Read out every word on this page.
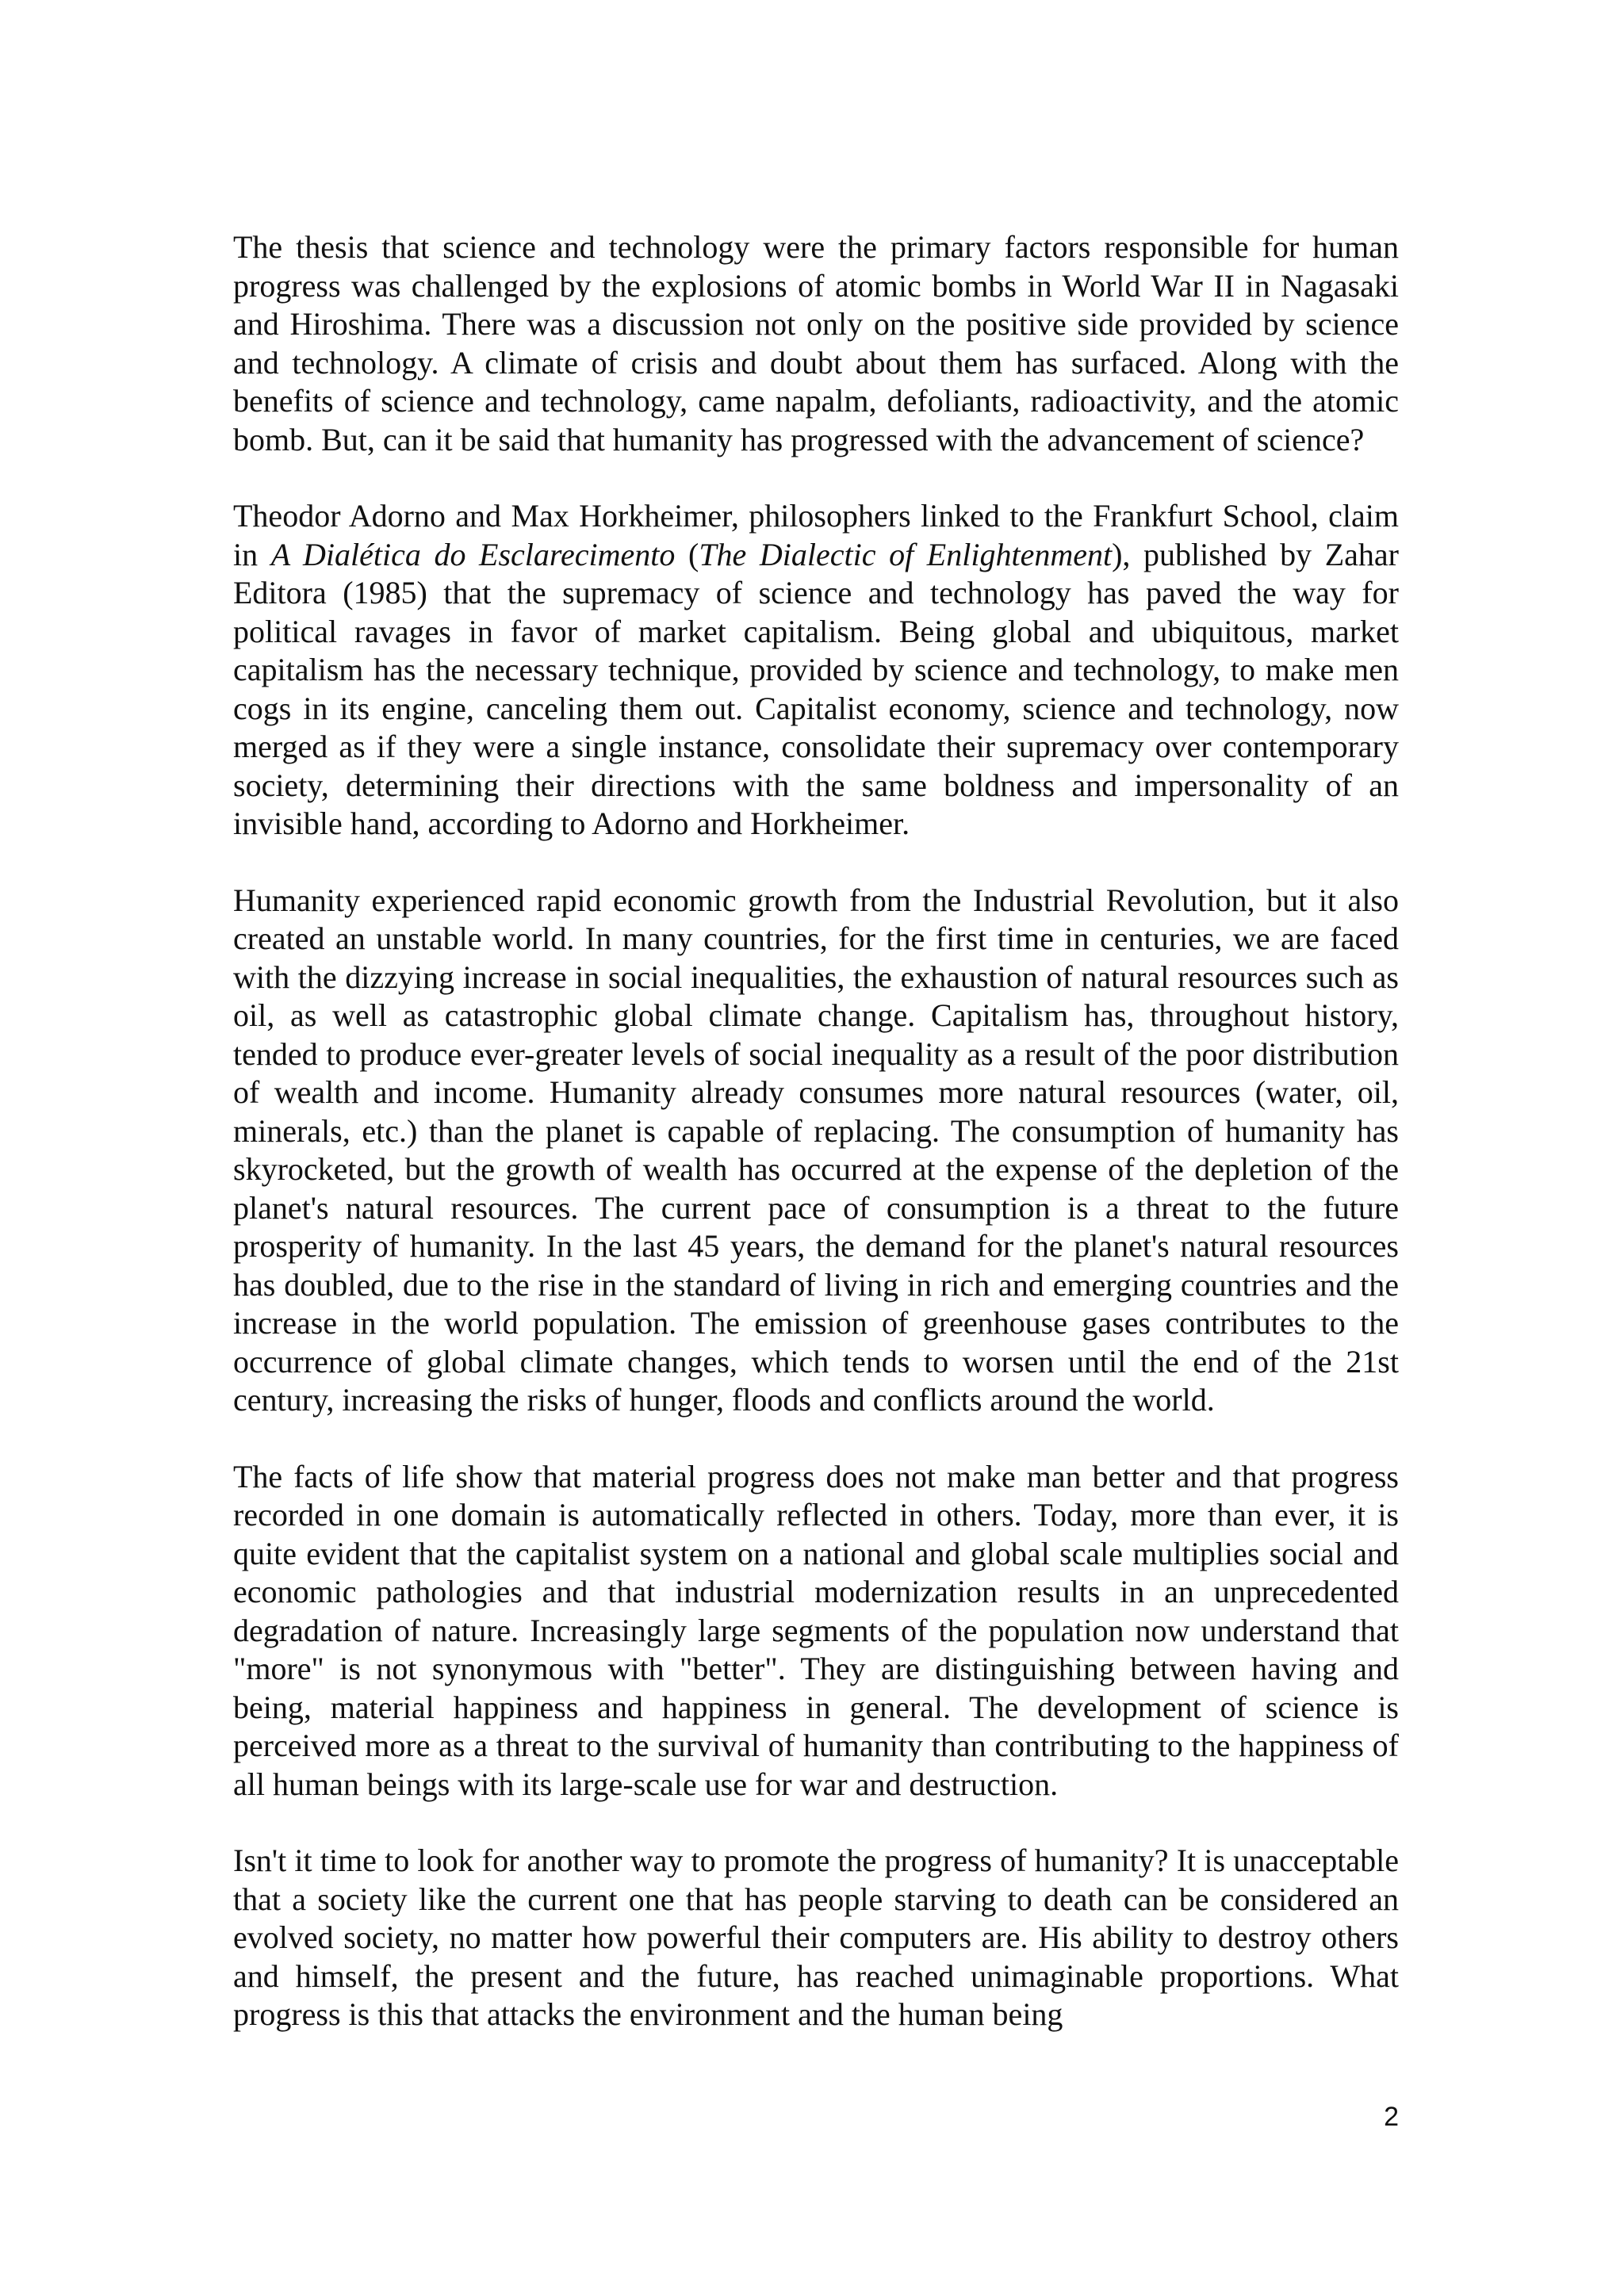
The thesis that science and technology were the primary factors responsible for human progress was challenged by the explosions of atomic bombs in World War II in Nagasaki and Hiroshima. There was a discussion not only on the positive side provided by science and technology. A climate of crisis and doubt about them has surfaced. Along with the benefits of science and technology, came napalm, defoliants, radioactivity, and the atomic bomb. But, can it be said that humanity has progressed with the advancement of science?

Theodor Adorno and Max Horkheimer, philosophers linked to the Frankfurt School, claim in A Dialética do Esclarecimento (The Dialectic of Enlightenment), published by Zahar Editora (1985) that the supremacy of science and technology has paved the way for political ravages in favor of market capitalism. Being global and ubiquitous, market capitalism has the necessary technique, provided by science and technology, to make men cogs in its engine, canceling them out. Capitalist economy, science and technology, now merged as if they were a single instance, consolidate their supremacy over contemporary society, determining their directions with the same boldness and impersonality of an invisible hand, according to Adorno and Horkheimer.

Humanity experienced rapid economic growth from the Industrial Revolution, but it also created an unstable world. In many countries, for the first time in centuries, we are faced with the dizzying increase in social inequalities, the exhaustion of natural resources such as oil, as well as catastrophic global climate change. Capitalism has, throughout history, tended to produce ever-greater levels of social inequality as a result of the poor distribution of wealth and income. Humanity already consumes more natural resources (water, oil, minerals, etc.) than the planet is capable of replacing. The consumption of humanity has skyrocketed, but the growth of wealth has occurred at the expense of the depletion of the planet's natural resources. The current pace of consumption is a threat to the future prosperity of humanity. In the last 45 years, the demand for the planet's natural resources has doubled, due to the rise in the standard of living in rich and emerging countries and the increase in the world population. The emission of greenhouse gases contributes to the occurrence of global climate changes, which tends to worsen until the end of the 21st century, increasing the risks of hunger, floods and conflicts around the world.

The facts of life show that material progress does not make man better and that progress recorded in one domain is automatically reflected in others. Today, more than ever, it is quite evident that the capitalist system on a national and global scale multiplies social and economic pathologies and that industrial modernization results in an unprecedented degradation of nature. Increasingly large segments of the population now understand that "more" is not synonymous with "better". They are distinguishing between having and being, material happiness and happiness in general. The development of science is perceived more as a threat to the survival of humanity than contributing to the happiness of all human beings with its large-scale use for war and destruction.

Isn't it time to look for another way to promote the progress of humanity? It is unacceptable that a society like the current one that has people starving to death can be considered an evolved society, no matter how powerful their computers are. His ability to destroy others and himself, the present and the future, has reached unimaginable proportions. What progress is this that attacks the environment and the human being

2
